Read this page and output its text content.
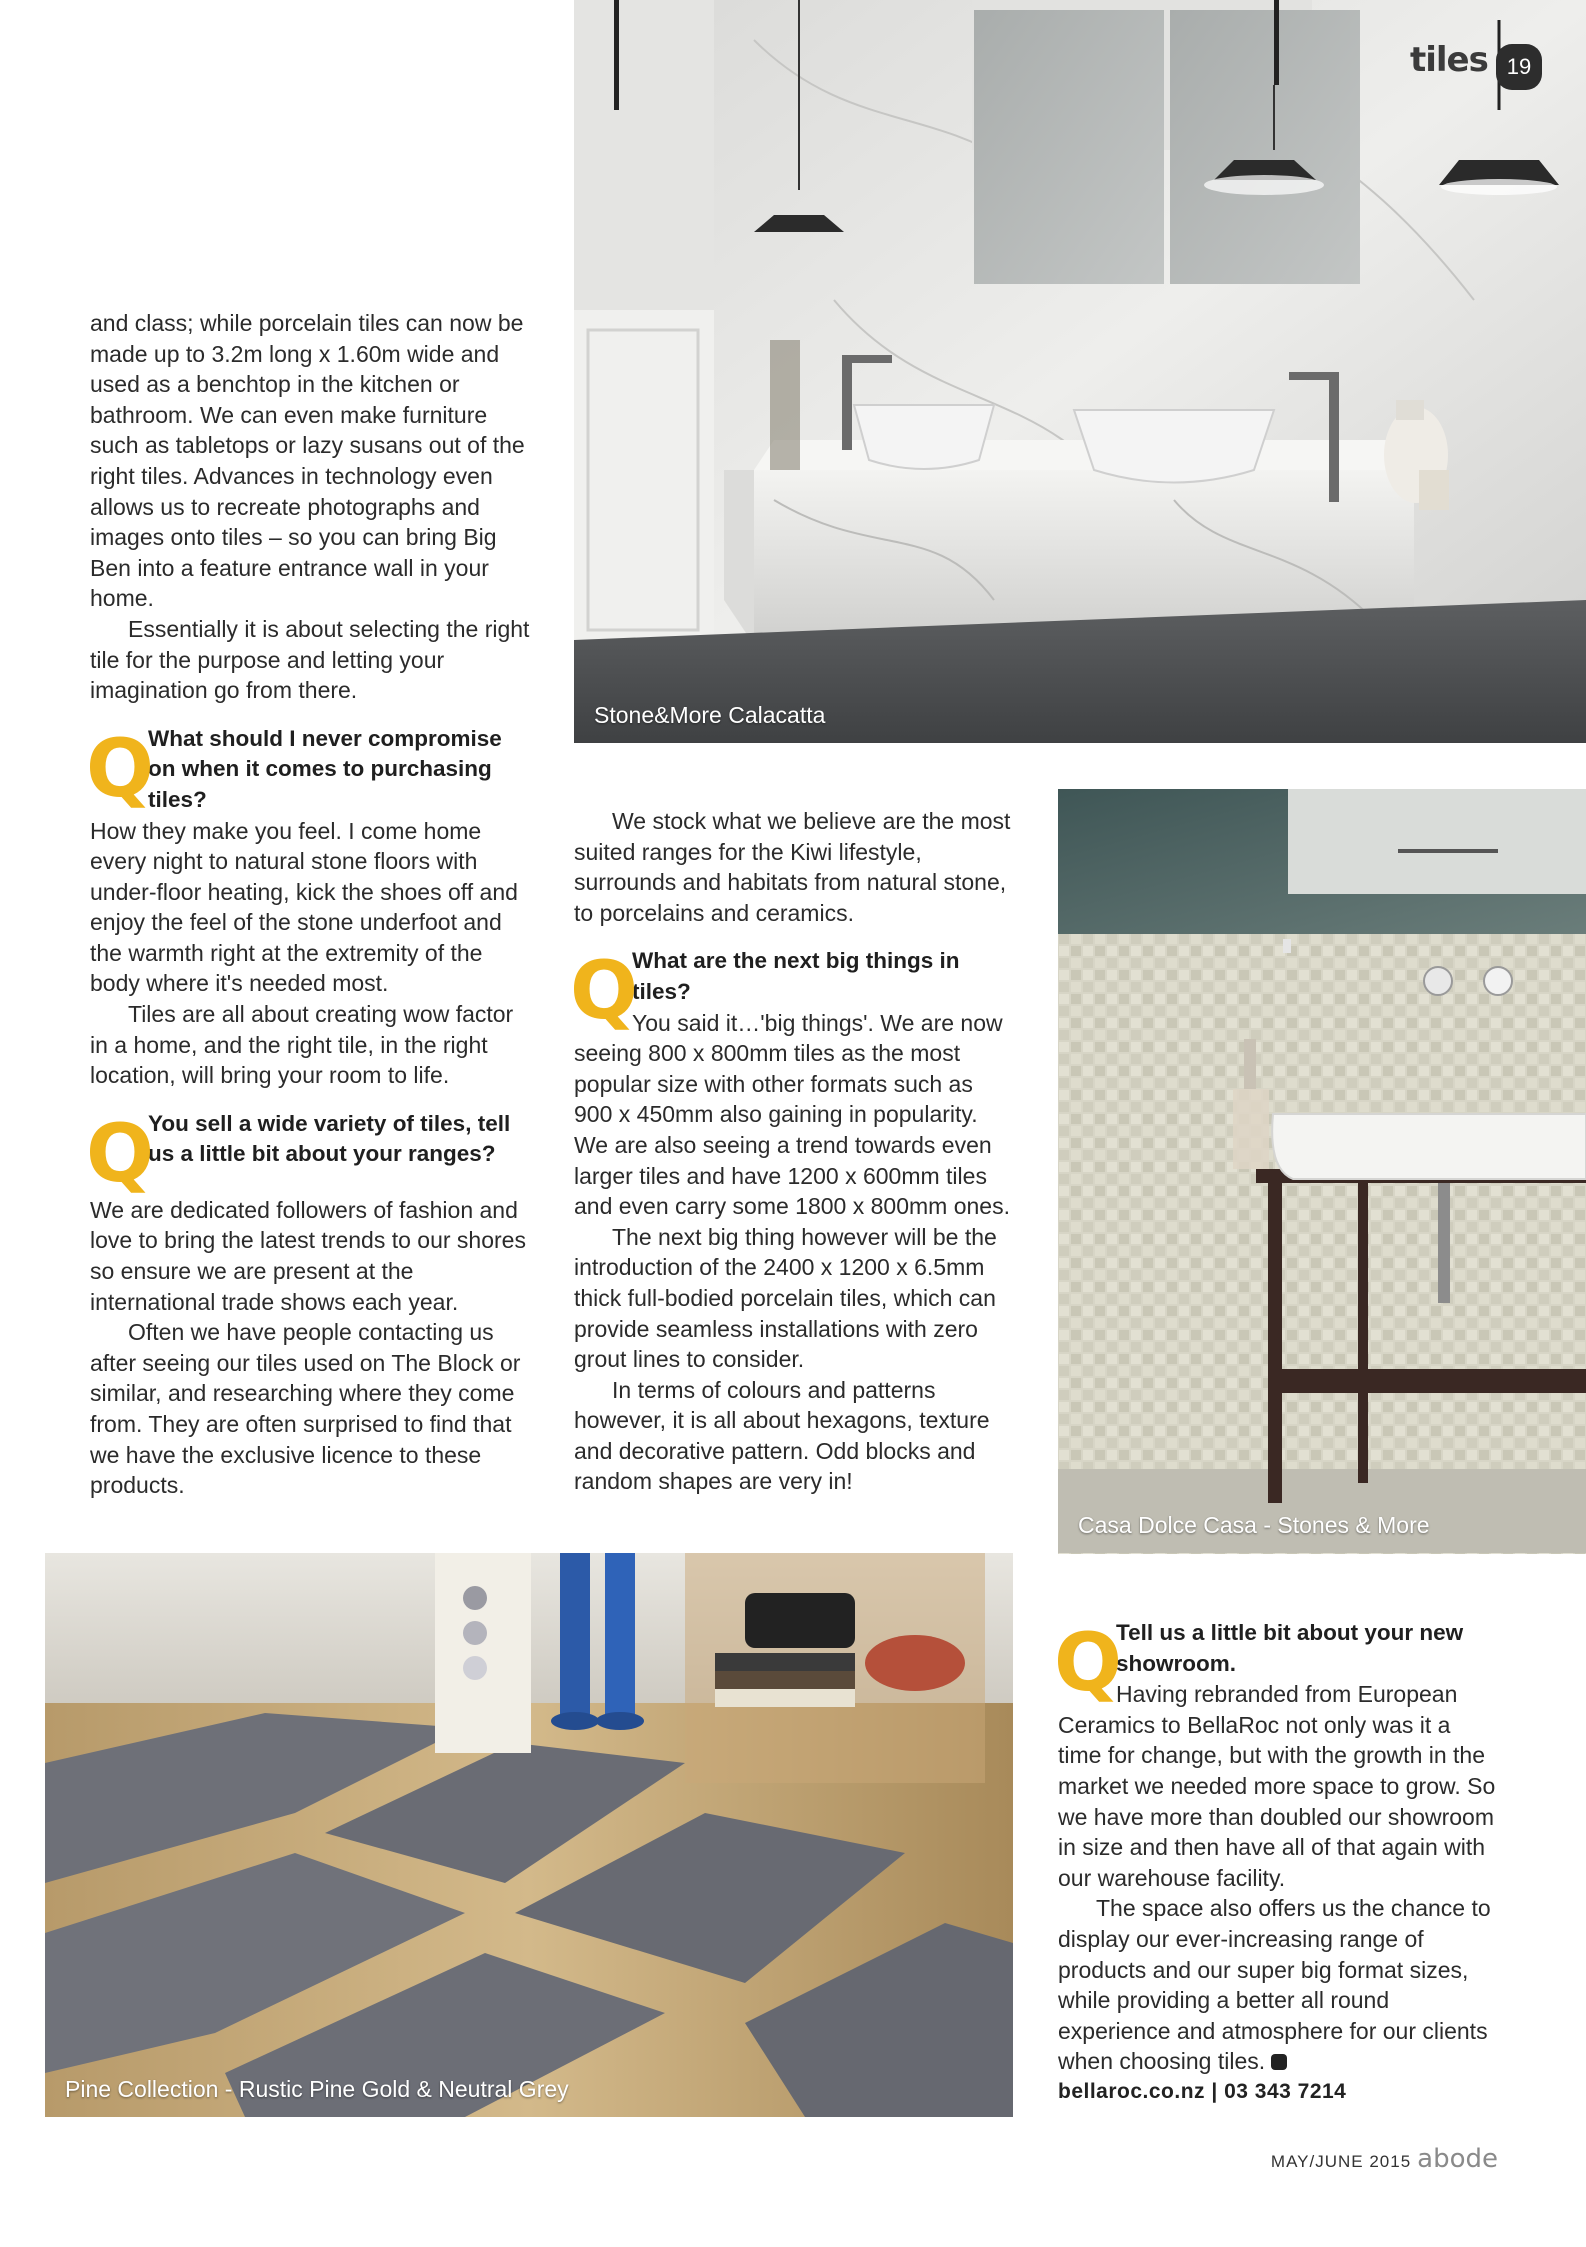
Stone&More Calacatta
tiles 19
Casa Dolce Casa - Stones & More
Pine Collection - Rustic Pine Gold & Neutral Grey

and class; while porcelain tiles can now be made up to 3.2m long x 1.60m wide and used as a benchtop in the kitchen or bathroom. We can even make furniture such as tabletops or lazy susans out of the right tiles. Advances in technology even allows us to recreate photographs and images onto tiles – so you can bring Big Ben into a feature entrance wall in your home.

Essentially it is about selecting the right tile for the purpose and letting your imagination go from there.

Q

What should I never compromise on when it comes to purchasing tiles?

How they make you feel. I come home every night to natural stone floors with under-floor heating, kick the shoes off and enjoy the feel of the stone underfoot and the warmth right at the extremity of the body where it's needed most.

Tiles are all about creating wow factor in a home, and the right tile, in the right location, will bring your room to life.

Q

You sell a wide variety of tiles, tell us a little bit about your ranges?

We are dedicated followers of fashion and love to bring the latest trends to our shores so ensure we are present at the international trade shows each year.

Often we have people contacting us after seeing our tiles used on The Block or similar, and researching where they come from. They are often surprised to find that we have the exclusive licence to these products.

We stock what we believe are the most suited ranges for the Kiwi lifestyle, surrounds and habitats from natural stone, to porcelains and ceramics.

Q

What are the next big things in tiles?

You said it…'big things'. We are now seeing 800 x 800mm tiles as the most popular size with other formats such as 900 x 450mm also gaining in popularity. We are also seeing a trend towards even larger tiles and have 1200 x 600mm tiles and even carry some 1800 x 800mm ones.

The next big thing however will be the introduction of the 2400 x 1200 x 6.5mm thick full-bodied porcelain tiles, which can provide seamless installations with zero grout lines to consider.

In terms of colours and patterns however, it is all about hexagons, texture and decorative pattern. Odd blocks and random shapes are very in!

Q

Tell us a little bit about your new showroom.

Having rebranded from European Ceramics to BellaRoc not only was it a time for change, but with the growth in the market we needed more space to grow. So we have more than doubled our showroom in size and then have all of that again with our warehouse facility.

The space also offers us the chance to display our ever-increasing range of products and our super big format sizes, while providing a better all round experience and atmosphere for our clients when choosing tiles.

bellaroc.co.nz | 03 343 7214
MAY/JUNE 2015 abode
